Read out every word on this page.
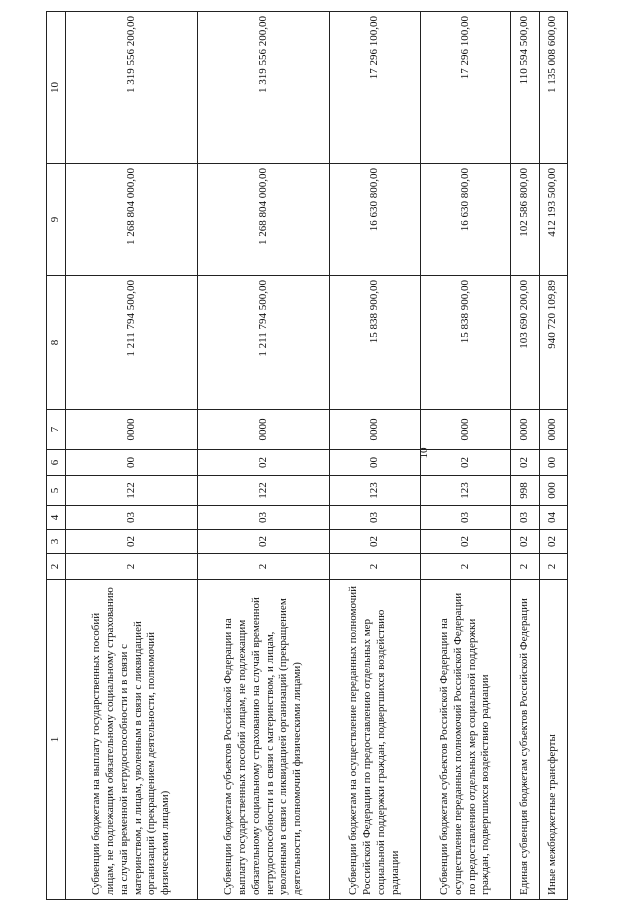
10
1	2	3	4	5	6	7	8	9	10
Субвенции бюджетам на выплату государственных пособий лицам, не подлежащим обязательному социальному страхованию на случай временной нетрудоспособности и в связи с материнством, и лицам, уволенным в связи с ликвидацией организаций (прекращением деятельности, полномочий физическими лицами)	2	02	03	122	00	0000	1 211 794 500,00	1 268 804 000,00	1 319 556 200,00
Субвенции бюджетам субъектов Российской Федерации на выплату государственных пособий лицам, не подлежащим обязательному социальному страхованию на случай временной нетрудоспособности и в связи с материнством, и лицам, уволенным в связи с ликвидацией организаций (прекращением деятельности, полномочий физическими лицами)	2	02	03	122	02	0000	1 211 794 500,00	1 268 804 000,00	1 319 556 200,00
Субвенции бюджетам на осуществление переданных полномочий Российской Федерации по предоставлению отдельных мер социальной поддержки граждан, подвергшихся воздействию радиации	2	02	03	123	00	0000	15 838 900,00	16 630 800,00	17 296 100,00
Субвенции бюджетам субъектов Российской Федерации на осуществление переданных полномочий Российской Федерации по предоставлению отдельных мер социальной поддержки граждан, подвергшихся воздействию радиации	2	02	03	123	02	0000	15 838 900,00	16 630 800,00	17 296 100,00
Единая субвенция бюджетам субъектов Российской Федерации	2	02	03	998	02	0000	103 690 200,00	102 586 800,00	110 594 500,00
Иные межбюджетные трансферты	2	02	04	000	00	0000	940 720 109,89	412 193 500,00	1 135 008 600,00
